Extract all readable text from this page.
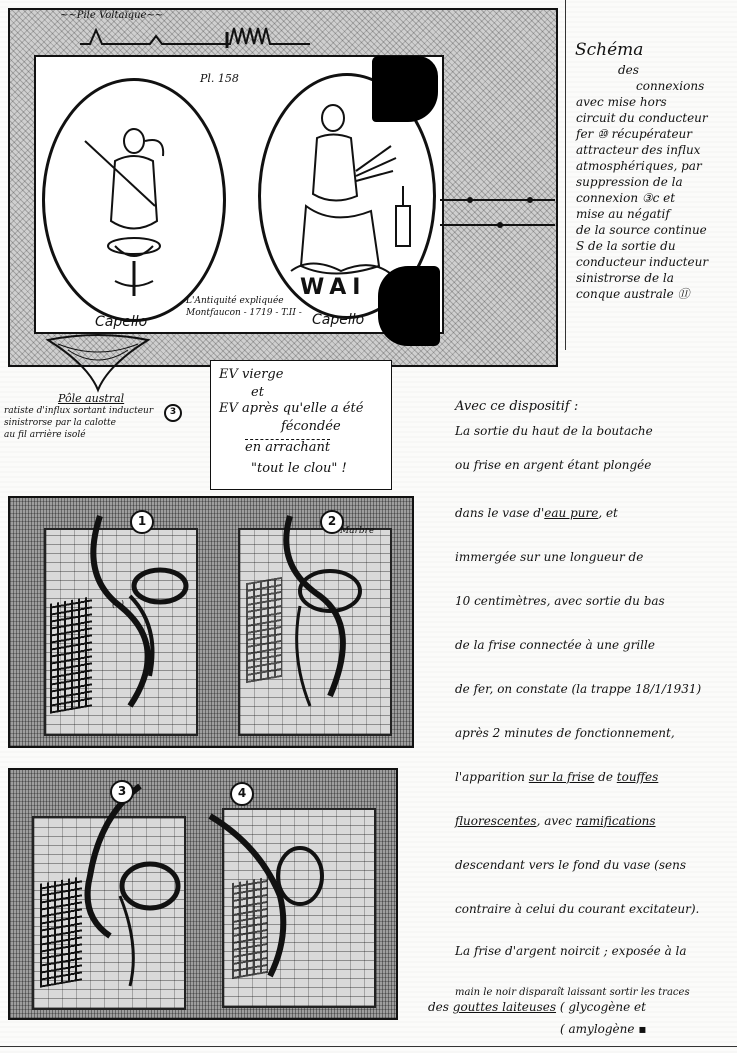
~~Pile Voltaïque~~
Pl. 158
Capello
WAI
Capello
L'Antiquité expliquée
Montfaucon - 1719 - T.II -
Pôle austral
3
ratiste d'influx sortant inducteur
sinistrorse par la calotte
au fil arrière isolé
Schéma
des
connexions
avec mise hors
circuit du conducteur
fer ⑩ récupérateur
attracteur des influx
atmosphériques, par
suppression de la
connexion ③c et
mise au négatif
de la source continue
S de la sortie du
conducteur inducteur
sinistrorse de la
conque australe ⑪
EV vierge
et
EV après qu'elle a été
fécondée
en arrachant
"tout le clou" !
Avec ce dispositif :
La sortie du haut de la boutache
ou frise en argent étant plongée
dans le vase d'eau pure, et
immergée sur une longueur de
10 centimètres, avec sortie du bas
de la frise connectée à une grille
de fer, on constate (la trappe 18/1/1931)
après 2 minutes de fonctionnement,
l'apparition sur la frise de touffes
fluorescentes, avec ramifications
descendant vers le fond du vase (sens
contraire à celui du courant excitateur).
La frise d'argent noircit ; exposée à la
main le noir disparaît laissant sortir les traces
des gouttes laiteuses ( glycogène et
( amylogène ▪
1	2
(c)
Marbre
3	4
